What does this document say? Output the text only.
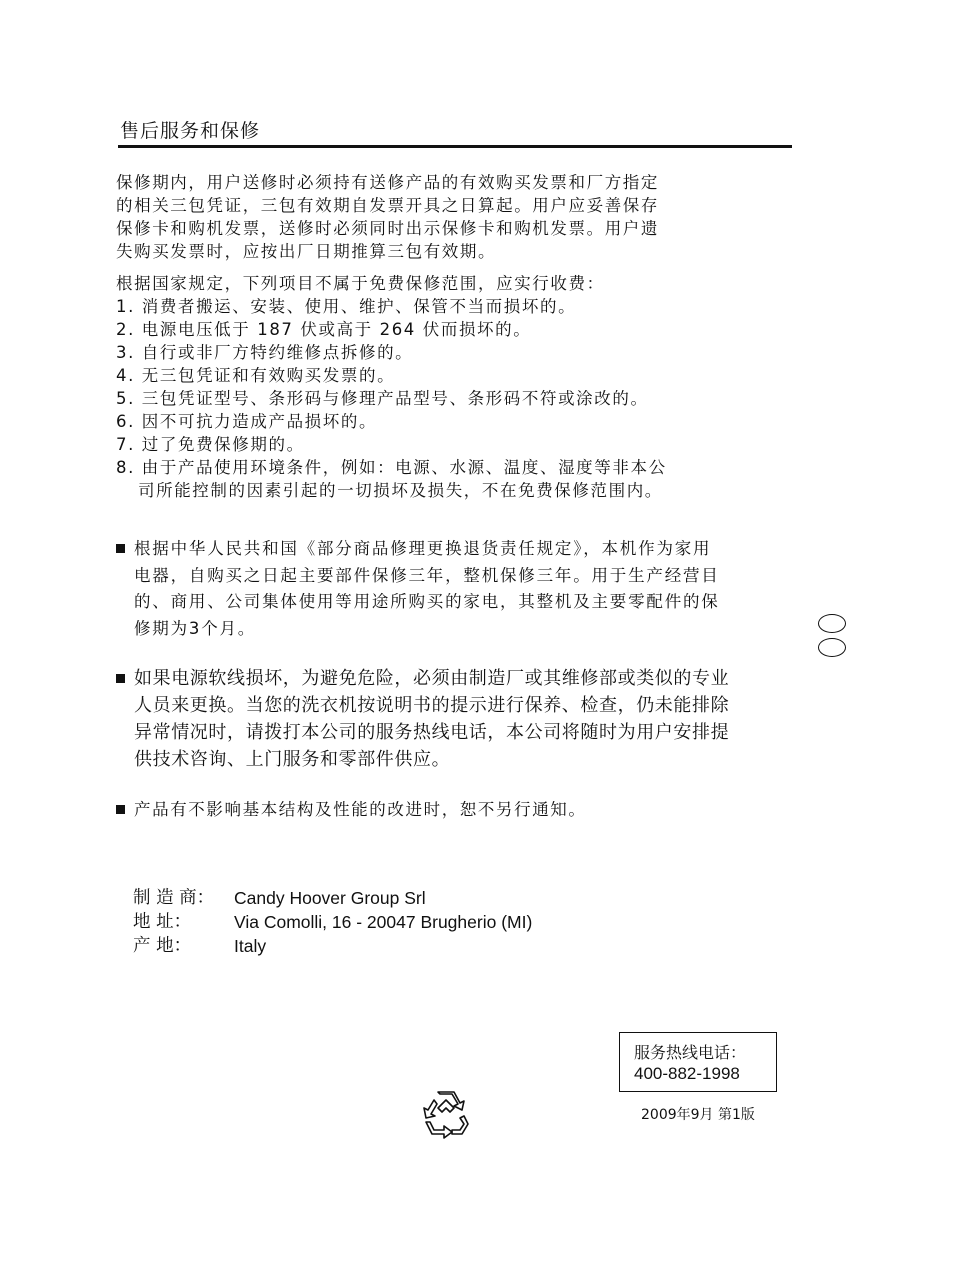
售后服务和保修
保修期内，用户送修时必须持有送修产品的有效购买发票和厂方指定
的相关三包凭证，三包有效期自发票开具之日算起。用户应妥善保存
保修卡和购机发票，送修时必须同时出示保修卡和购机发票。用户遗
失购买发票时，应按出厂日期推算三包有效期。
根据国家规定，下列项目不属于免费保修范围，应实行收费：
1. 消费者搬运、安装、使用、维护、保管不当而损坏的。
2. 电源电压低于 187 伏或高于 264 伏而损坏的。
3. 自行或非厂方特约维修点拆修的。
4. 无三包凭证和有效购买发票的。
5. 三包凭证型号、条形码与修理产品型号、条形码不符或涂改的。
6. 因不可抗力造成产品损坏的。
7. 过了免费保修期的。
8. 由于产品使用环境条件，例如：电源、水源、温度、湿度等非本公
司所能控制的因素引起的一切损坏及损失，不在免费保修范围内。
根据中华人民共和国《部分商品修理更换退货责任规定》，本机作为家用
电器，自购买之日起主要部件保修三年，整机保修三年。用于生产经营目
的、商用、公司集体使用等用途所购买的家电，其整机及主要零配件的保
修期为3个月。
如果电源软线损坏，为避免危险，必须由制造厂或其维修部或类似的专业
人员来更换。当您的洗衣机按说明书的提示进行保养、检查，仍未能排除
异常情况时，请拨打本公司的服务热线电话，本公司将随时为用户安排提
供技术咨询、上门服务和零部件供应。
产品有不影响基本结构及性能的改进时，恕不另行通知。
制 造 商： Candy Hoover Group Srl
地 址： Via Comolli, 16 - 20047 Brugherio (MI)
产 地： Italy
服务热线电话：
400-882-1998
2009年9月 第1版
